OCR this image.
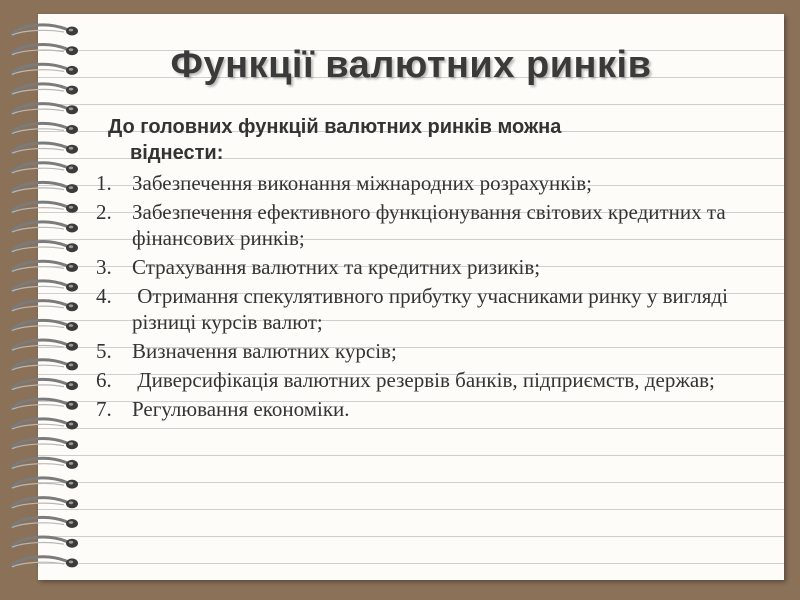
Функції валютних ринків
До головних функцій валютних ринків можна
віднести:
1. Забезпечення виконання міжнародних розрахунків;
2. Забезпечення ефективного функціонування світових кредитних та фінансових ринків;
3. Страхування валютних та кредитних ризиків;
4. Отримання спекулятивного прибутку учасниками ринку у вигляді різниці курсів валют;
5. Визначення валютних курсів;
6. Диверсифікація валютних резервів банків, підприємств, держав;
7. Регулювання економіки.
